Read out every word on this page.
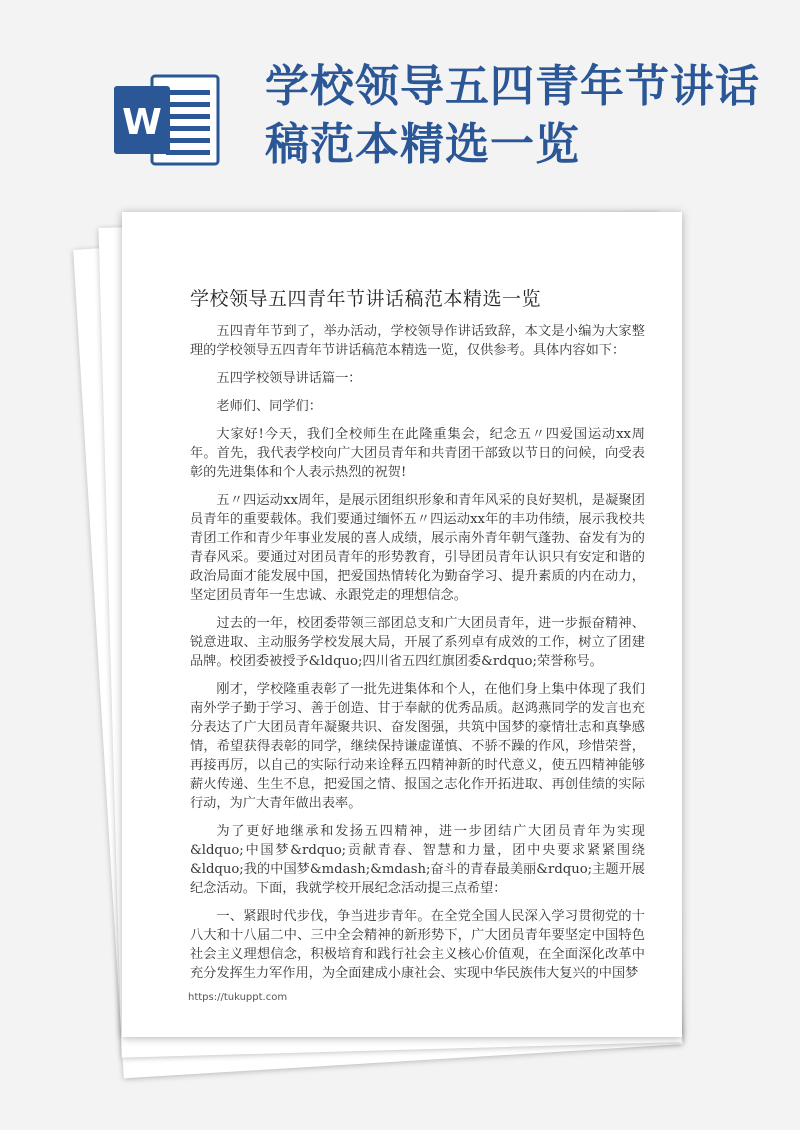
W
学校领导五四青年节讲话稿范本精选一览
学校领导五四青年节讲话稿范本精选一览

五四青年节到了，举办活动，学校领导作讲话致辞，本文是小编为大家整理的学校领导五四青年节讲话稿范本精选一览，仅供参考。具体内容如下：

五四学校领导讲话篇一：

老师们、同学们：

大家好!今天，我们全校师生在此隆重集会，纪念五〃四爱国运动xx周年。首先，我代表学校向广大团员青年和共青团干部致以节日的问候，向受表彰的先进集体和个人表示热烈的祝贺!

五〃四运动xx周年，是展示团组织形象和青年风采的良好契机，是凝聚团员青年的重要载体。我们要通过缅怀五〃四运动xx年的丰功伟绩，展示我校共青团工作和青少年事业发展的喜人成绩，展示南外青年朝气蓬勃、奋发有为的青春风采。要通过对团员青年的形势教育，引导团员青年认识只有安定和谐的政治局面才能发展中国，把爱国热情转化为勤奋学习、提升素质的内在动力，坚定团员青年一生忠诚、永跟党走的理想信念。

过去的一年，校团委带领三部团总支和广大团员青年，进一步振奋精神、锐意进取、主动服务学校发展大局，开展了系列卓有成效的工作，树立了团建品牌。校团委被授予&ldquo;四川省五四红旗团委&rdquo;荣誉称号。

刚才，学校隆重表彰了一批先进集体和个人，在他们身上集中体现了我们南外学子勤于学习、善于创造、甘于奉献的优秀品质。赵鸿燕同学的发言也充分表达了广大团员青年凝聚共识、奋发图强，共筑中国梦的豪情壮志和真挚感情，希望获得表彰的同学，继续保持谦虚谨慎、不骄不躁的作风，珍惜荣誉，再接再厉，以自己的实际行动来诠释五四精神新的时代意义，使五四精神能够薪火传递、生生不息，把爱国之情、报国之志化作开拓进取、再创佳绩的实际行动，为广大青年做出表率。

为了更好地继承和发扬五四精神，进一步团结广大团员青年为实现&ldquo;中国梦&rdquo;贡献青春、智慧和力量，团中央要求紧紧围绕&ldquo;我的中国梦&mdash;&mdash;奋斗的青春最美丽&rdquo;主题开展纪念活动。下面，我就学校开展纪念活动提三点希望：

一、紧跟时代步伐，争当进步青年。在全党全国人民深入学习贯彻党的十八大和十八届二中、三中全会精神的新形势下，广大团员青年要坚定中国特色社会主义理想信念，积极培育和践行社会主义核心价值观，在全面深化改革中充分发挥生力军作用，为全面建成小康社会、实现中华民族伟大复兴的中国梦

https://tukuppt.com
